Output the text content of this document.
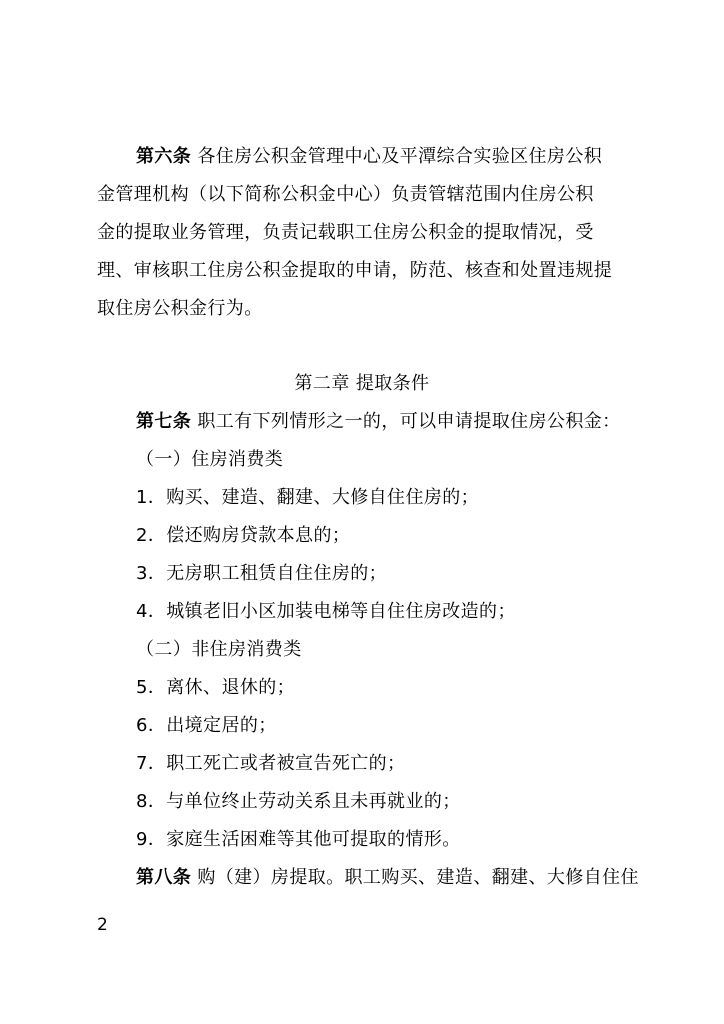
第六条 各住房公积金管理中心及平潭综合实验区住房公积
金管理机构（以下简称公积金中心）负责管辖范围内住房公积
金的提取业务管理，负责记载职工住房公积金的提取情况，受
理、审核职工住房公积金提取的申请，防范、核查和处置违规提
取住房公积金行为。
第二章 提取条件
第七条 职工有下列情形之一的，可以申请提取住房公积金：
（一）住房消费类
1．购买、建造、翻建、大修自住住房的；
2．偿还购房贷款本息的；
3．无房职工租赁自住住房的；
4．城镇老旧小区加装电梯等自住住房改造的；
（二）非住房消费类
5．离休、退休的；
6．出境定居的；
7．职工死亡或者被宣告死亡的；
8．与单位终止劳动关系且未再就业的；
9．家庭生活困难等其他可提取的情形。
第八条 购（建）房提取。职工购买、建造、翻建、大修自住住
2
